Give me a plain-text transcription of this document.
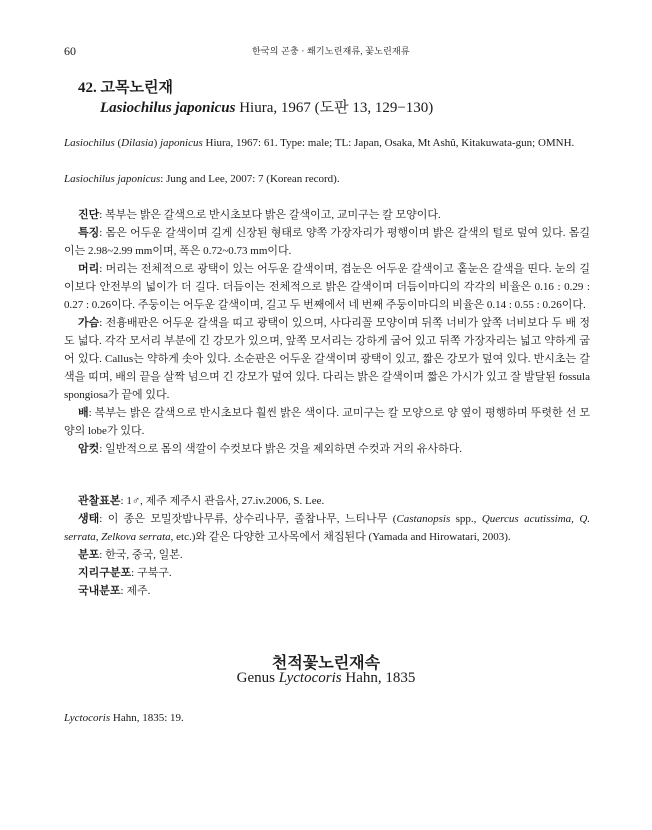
60	한국의 곤충 · 쐐기노린재류, 꽃노린재류
42. 고목노린재
Lasiochilus japonicus Hiura, 1967 (도판 13, 129−130)
Lasiochilus (Dilasia) japonicus Hiura, 1967: 61. Type: male; TL: Japan, Osaka, Mt Ashû, Kitakuwata-gun; OMNH.
Lasiochilus japonicus: Jung and Lee, 2007: 7 (Korean record).

진단: 복부는 밝은 갈색으로 반시초보다 밝은 갈색이고, 교미구는 칼 모양이다.

특징: 몸은 어두운 갈색이며 길게 신장된 형태로 양쪽 가장자리가 평행이며 밝은 갈색의 털로 덮여 있다. 몸길이는 2.98~2.99 mm이며, 폭은 0.72~0.73 mm이다.

머리: 머리는 전체적으로 광택이 있는 어두운 갈색이며, 겹눈은 어두운 갈색이고 홑눈은 갈색을 띤다. 눈의 길이보다 안전부의 넓이가 더 길다. 더듬이는 전체적으로 밝은 갈색이며 더듬이마디의 각각의 비율은 0.16 : 0.29 : 0.27 : 0.26이다. 주둥이는 어두운 갈색이며, 길고 두 번째에서 네 번째 주둥이마디의 비율은 0.14 : 0.55 : 0.26이다.

가슴: 전흉배판은 어두운 갈색을 띠고 광택이 있으며, 사다리꼴 모양이며 뒤쪽 너비가 앞쪽 너비보다 두 배 정도 넓다. 각각 모서리 부분에 긴 강모가 있으며, 앞쪽 모서리는 강하게 굽어 있고 뒤쪽 가장자리는 넓고 약하게 굽어 있다. Callus는 약하게 솟아 있다. 소순판은 어두운 갈색이며 광택이 있고, 짧은 강모가 덮여 있다. 반시초는 갈색을 띠며, 배의 끝을 살짝 넘으며 긴 강모가 덮여 있다. 다리는 밝은 갈색이며 짧은 가시가 있고 잘 발달된 fossula spongiosa가 끝에 있다.

배: 복부는 밝은 갈색으로 반시초보다 훨씬 밝은 색이다. 교미구는 칼 모양으로 양 옆이 평행하며 뚜렷한 선 모양의 lobe가 있다.

암컷: 일반적으로 몸의 색깔이 수컷보다 밝은 것을 제외하면 수컷과 거의 유사하다.

관찰표본: 1♂, 제주 제주시 관음사, 27.iv.2006, S. Lee.

생태: 이 종은 모밀잣밤나무류, 상수리나무, 졸참나무, 느티나무 (Castanopsis spp., Quercus acutissima, Q. serrata, Zelkova serrata, etc.)와 같은 다양한 고사목에서 채집된다 (Yamada and Hirowatari, 2003).

분포: 한국, 중국, 일본.

지리구분포: 구북구.

국내분포: 제주.

천적꽃노린재속
Genus Lyctocoris Hahn, 1835
Lyctocoris Hahn, 1835: 19.
